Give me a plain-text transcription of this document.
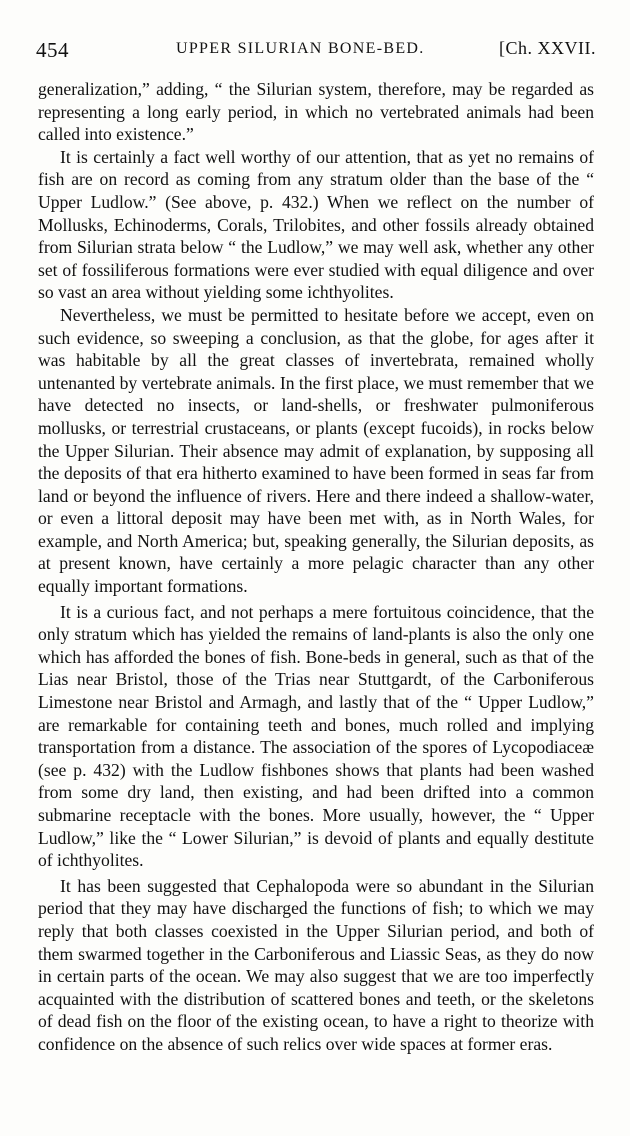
454	UPPER SILURIAN BONE-BED.	[Ch. XXVII.

generalization,” adding, “ the Silurian system, therefore, may be regarded as representing a long early period, in which no vertebrated animals had been called into existence.”

It is certainly a fact well worthy of our attention, that as yet no remains of fish are on record as coming from any stratum older than the base of the “ Upper Ludlow.” (See above, p. 432.) When we reflect on the number of Mollusks, Echinoderms, Corals, Trilobites, and other fossils already obtained from Silurian strata below “ the Ludlow,” we may well ask, whether any other set of fossiliferous formations were ever studied with equal diligence and over so vast an area without yielding some ichthyolites.

Nevertheless, we must be permitted to hesitate before we accept, even on such evidence, so sweeping a conclusion, as that the globe, for ages after it was habitable by all the great classes of invertebrata, remained wholly untenanted by vertebrate animals. In the first place, we must remember that we have detected no insects, or land-shells, or freshwater pulmoniferous mollusks, or terrestrial crustaceans, or plants (except fucoids), in rocks below the Upper Silurian. Their absence may admit of explanation, by supposing all the deposits of that era hitherto examined to have been formed in seas far from land or beyond the influence of rivers. Here and there indeed a shallow-water, or even a littoral deposit may have been met with, as in North Wales, for example, and North America; but, speaking generally, the Silurian deposits, as at present known, have certainly a more pelagic character than any other equally important formations.

It is a curious fact, and not perhaps a mere fortuitous coincidence, that the only stratum which has yielded the remains of land-plants is also the only one which has afforded the bones of fish. Bone-beds in general, such as that of the Lias near Bristol, those of the Trias near Stuttgardt, of the Carboniferous Limestone near Bristol and Armagh, and lastly that of the “ Upper Ludlow,” are remarkable for containing teeth and bones, much rolled and implying transportation from a distance. The association of the spores of Lycopodiaceæ (see p. 432) with the Ludlow fishbones shows that plants had been washed from some dry land, then existing, and had been drifted into a common submarine receptacle with the bones. More usually, however, the “ Upper Ludlow,” like the “ Lower Silurian,” is devoid of plants and equally destitute of ichthyolites.

It has been suggested that Cephalopoda were so abundant in the Silurian period that they may have discharged the functions of fish; to which we may reply that both classes coexisted in the Upper Silurian period, and both of them swarmed together in the Carboniferous and Liassic Seas, as they do now in certain parts of the ocean. We may also suggest that we are too imperfectly acquainted with the distribution of scattered bones and teeth, or the skeletons of dead fish on the floor of the existing ocean, to have a right to theorize with confidence on the absence of such relics over wide spaces at former eras.
